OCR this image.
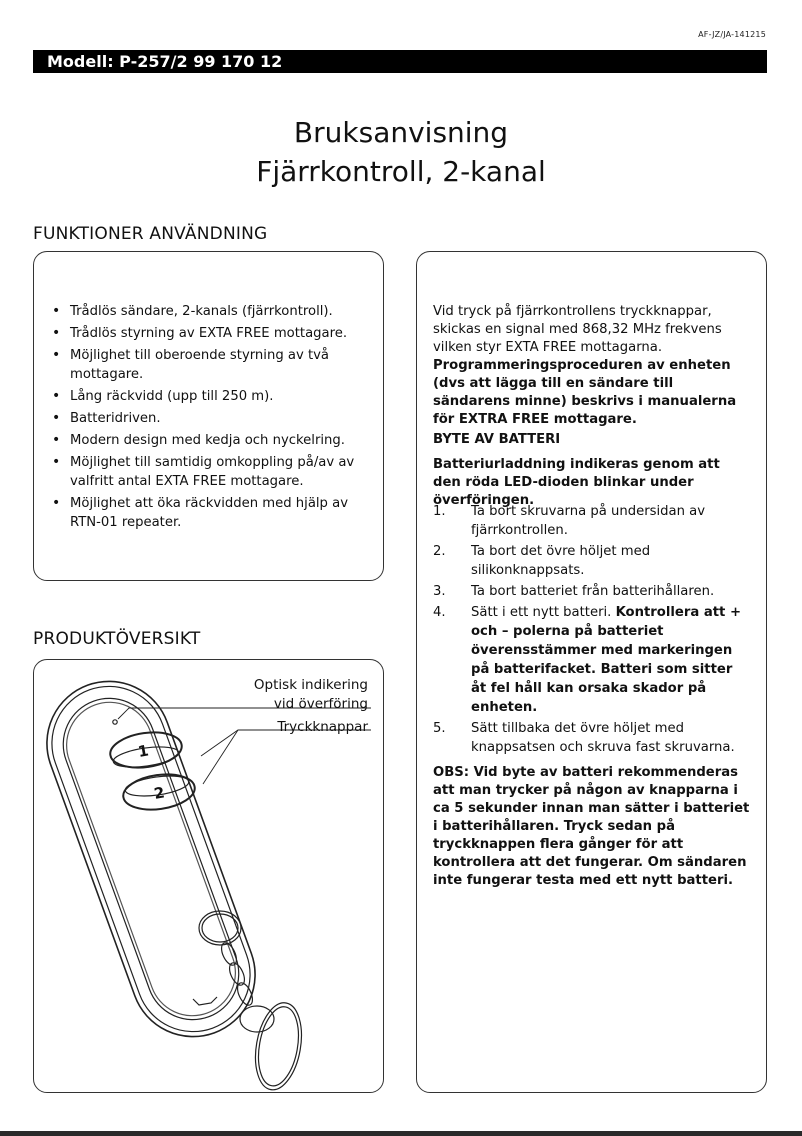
AF-JZ/JA-141215
Modell: P-257/2 99 170 12
Bruksanvisning
Fjärrkontroll, 2-kanal
FUNKTIONER ANVÄNDNING
• Trådlös sändare, 2-kanals (fjärrkontroll).
• Trådlös styrning av EXTA FREE mottagare.
• Möjlighet till oberoende styrning av två mottagare.
• Lång räckvidd (upp till 250 m).
• Batteridriven.
• Modern design med kedja och nyckelring.
• Möjlighet till samtidig omkoppling på/av av valfritt antal EXTA FREE mottagare.
• Möjlighet att öka räckvidden med hjälp av RTN-01 repeater.
Vid tryck på fjärrkontrollens tryckknappar, skickas en signal med 868,32 MHz frekvens vilken styr EXTA FREE mottagarna. Programmeringsproceduren av enheten (dvs att lägga till en sändare till sändarens minne) beskrivs i manualerna för EXTRA FREE mottagare.
BYTE AV BATTERI
Batteriurladdning indikeras genom att den röda LED-dioden blinkar under överföringen.
1. Ta bort skruvarna på undersidan av fjärrkontrollen.
2. Ta bort det övre höljet med silikonknappsats.
3. Ta bort batteriet från batterihållaren.
4. Sätt i ett nytt batteri. Kontrollera att + och – polerna på batteriet överensstämmer med markeringen på batterifacket. Batteri som sitter åt fel håll kan orsaka skador på enheten.
5. Sätt tillbaka det övre höljet med knappsatsen och skruva fast skruvarna.
OBS: Vid byte av batteri rekommenderas att man trycker på någon av knapparna i ca 5 sekunder innan man sätter i batteriet i batterihållaren. Tryck sedan på tryckknappen flera gånger för att kontrollera att det fungerar. Om sändaren inte fungerar testa med ett nytt batteri.
PRODUKTÖVERSIKT
1
2
Optisk indikering
vid överföring
Tryckknappar
